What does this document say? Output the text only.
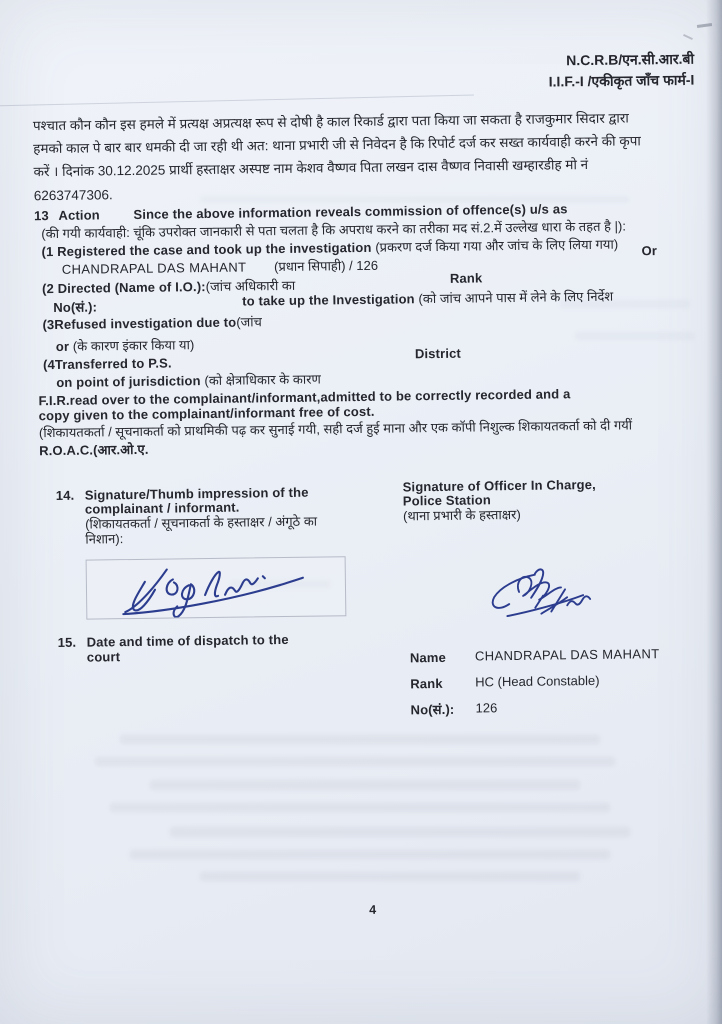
N.C.R.B/एन.सी.आर.बी
I.I.F.-I /एकीकृत जाँच फार्म-I
पश्चात कौन कौन इस हमले में प्रत्यक्ष अप्रत्यक्ष रूप से दोषी है काल रिकार्ड द्वारा पता किया जा सकता है राजकुमार सिदार द्वारा
हमको काल पे बार बार धमकी दी जा रही थी अत: थाना प्रभारी जी से निवेदन है कि रिपोर्ट दर्ज कर सख्त कार्यवाही करने की कृपा
करें । दिनांक 30.12.2025 प्रार्थी हस्ताक्षर अस्पष्ट नाम केशव वैष्णव पिता लखन दास वैष्णव निवासी खम्हारडीह मो नं
6263747306.
13 Action	Since the above information reveals commission of offence(s) u/s as
(की गयी कार्यवाही: चूंकि उपरोक्त जानकारी से पता चलता है कि अपराध करने का तरीका मद सं.2.में उल्लेख धारा के तहत है |):
(1 Registered the case and took up the investigation (प्रकरण दर्ज किया गया और जांच के लिए लिया गया) Or
CHANDRAPAL DAS MAHANT (प्रधान सिपाही) / 126
(2 Directed (Name of I.O.):(जांच अधिकारी का	Rank
No(सं.):	to take up the Investigation (को जांच आपने पास में लेने के लिए निर्देश
(3Refused investigation due to(जांच
or (के कारण इंकार किया या)
(4Transferred to P.S.
District
on point of jurisdiction (को क्षेत्राधिकार के कारण
F.I.R.read over to the complainant/informant,admitted to be correctly recorded and a
copy given to the complainant/informant free of cost.
(शिकायतकर्ता / सूचनाकर्ता को प्राथमिकी पढ़ कर सुनाई गयी, सही दर्ज हुई माना और एक कॉपी निशुल्क शिकायतकर्ता को दी गयीं
R.O.A.C.(आर.ओ.ए.
14. Signature/Thumb impression of the
complainant / informant.
(शिकायतकर्ता / सूचनाकर्ता के हस्ताक्षर / अंगूठे का
निशान):
Signature of Officer In Charge,
Police Station
(थाना प्रभारी के हस्ताक्षर)
15. Date and time of dispatch to the
court	Name CHANDRAPAL DAS MAHANT
Rank HC (Head Constable)
No(सं.): 126
4
